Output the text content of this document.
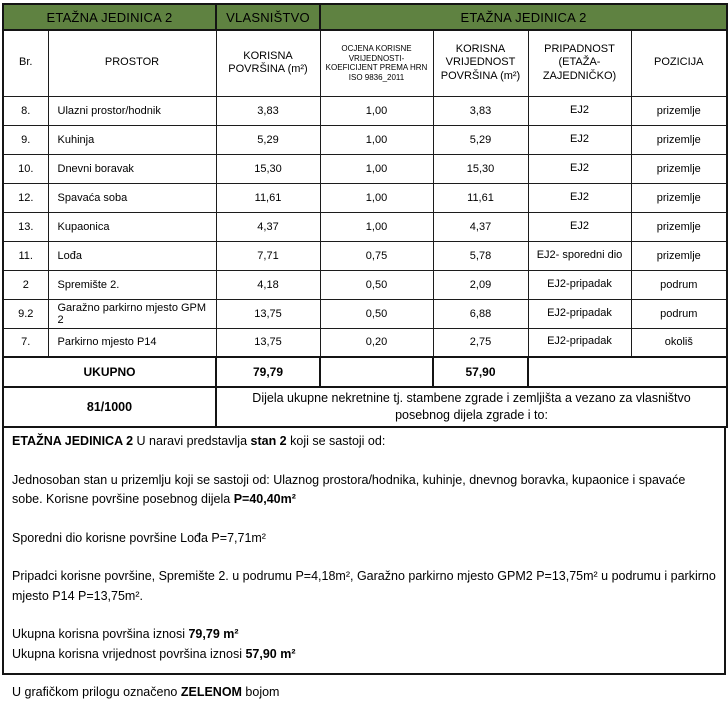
ETAŽNA JEDINICA 2		VLASNIŠTVO	ETAŽNA JEDINICA 2			
Br.	PROSTOR	KORISNA POVRŠINA (m²)	OCJENA KORISNE VRIJEDNOSTI-KOEFICIJENT PREMA HRN ISO 9836_2011	KORISNA VRIJEDNOST POVRŠINA (m²)	PRIPADNOST (ETAŽA-ZAJEDNIČKO)	POZICIJA
8.	Ulazni prostor/hodnik	3,83	1,00	3,83	EJ2	prizemlje
9.	Kuhinja	5,29	1,00	5,29	EJ2	prizemlje
10.	Dnevni boravak	15,30	1,00	15,30	EJ2	prizemlje
12.	Spavaća soba	11,61	1,00	11,61	EJ2	prizemlje
13.	Kupaonica	4,37	1,00	4,37	EJ2	prizemlje
11.	Lođa	7,71	0,75	5,78	EJ2- sporedni dio	prizemlje
2	Spremište 2.	4,18	0,50	2,09	EJ2-pripadak	podrum
9.2	Garažno parkirno mjesto GPM 2	13,75	0,50	6,88	EJ2-pripadak	podrum
7.	Parkirno mjesto P14	13,75	0,20	2,75	EJ2-pripadak	okoliš
UKUPNO		79,79		57,90		
81/1000		Dijela ukupne nekretnine tj. stambene zgrade i zemljišta a vezano za vlasništvo posebnog dijela zgrade i to:				

ETAŽNA JEDINICA 2 U naravi predstavlja stan 2 koji se sastoji od:

Jednosoban stan u prizemlju koji se sastoji od: Ulaznog prostora/hodnika, kuhinje, dnevnog boravka, kupaonice i spavaće sobe. Korisne površine posebnog dijela P=40,40m²

Sporedni dio korisne površine Lođa P=7,71m²

Pripadci korisne površine, Spremište 2. u podrumu P=4,18m², Garažno parkirno mjesto GPM2 P=13,75m² u podrumu i parkirno mjesto P14 P=13,75m².

Ukupna korisna površina iznosi 79,79 m²

Ukupna korisna vrijednost površina iznosi 57,90 m²

U grafičkom prilogu označeno ZELENOM bojom
